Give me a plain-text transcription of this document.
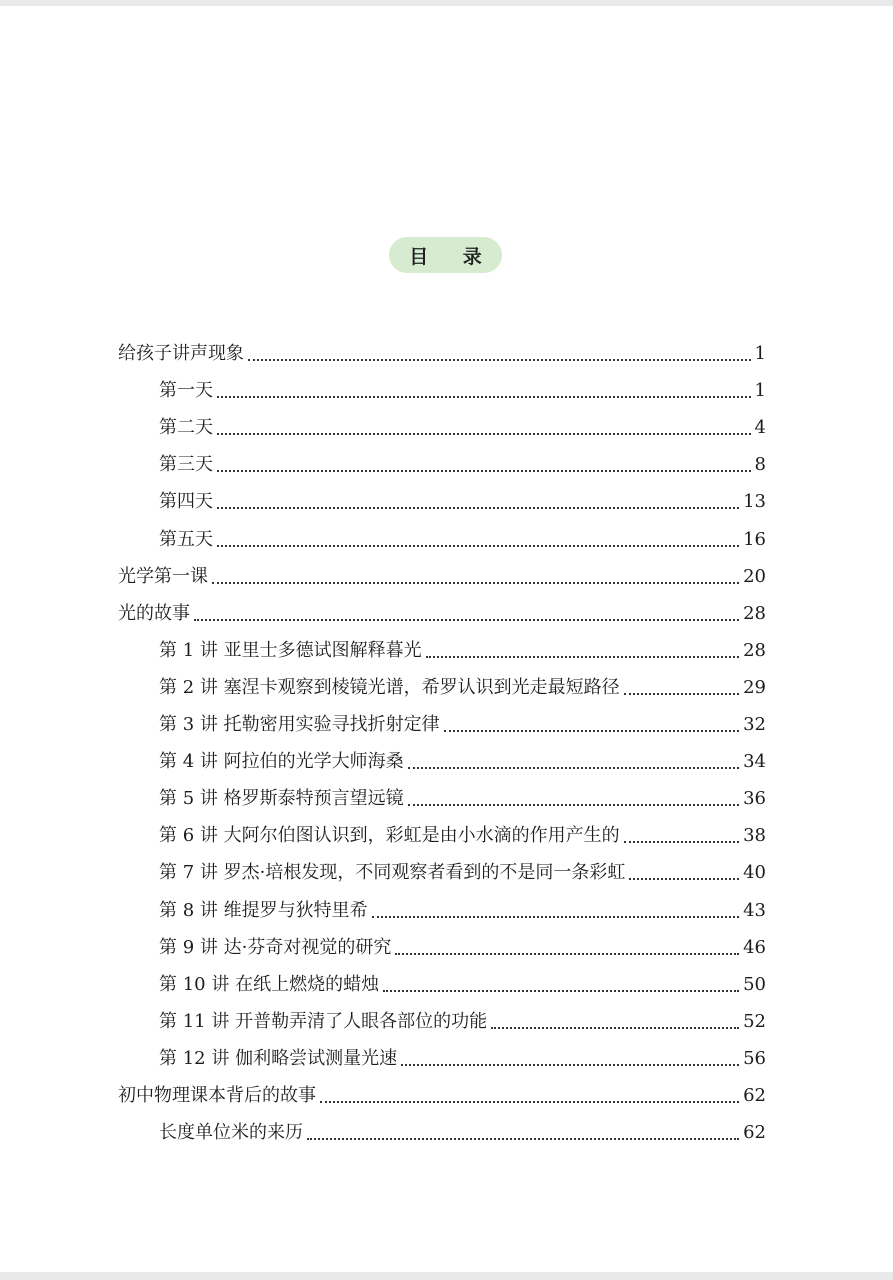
目 录
给孩子讲声现象	1
第一天	1
第二天	4
第三天	8
第四天	13
第五天	16
光学第一课	20
光的故事	28
第 1 讲 亚里士多德试图解释暮光	28
第 2 讲 塞涅卡观察到棱镜光谱，希罗认识到光走最短路径	29
第 3 讲 托勒密用实验寻找折射定律	32
第 4 讲 阿拉伯的光学大师海桑	34
第 5 讲 格罗斯泰特预言望远镜	36
第 6 讲 大阿尔伯图认识到，彩虹是由小水滴的作用产生的	38
第 7 讲 罗杰·培根发现，不同观察者看到的不是同一条彩虹	40
第 8 讲 维提罗与狄特里希	43
第 9 讲 达·芬奇对视觉的研究	46
第 10 讲 在纸上燃烧的蜡烛	50
第 11 讲 开普勒弄清了人眼各部位的功能	52
第 12 讲 伽利略尝试测量光速	56
初中物理课本背后的故事	62
长度单位米的来历	62
